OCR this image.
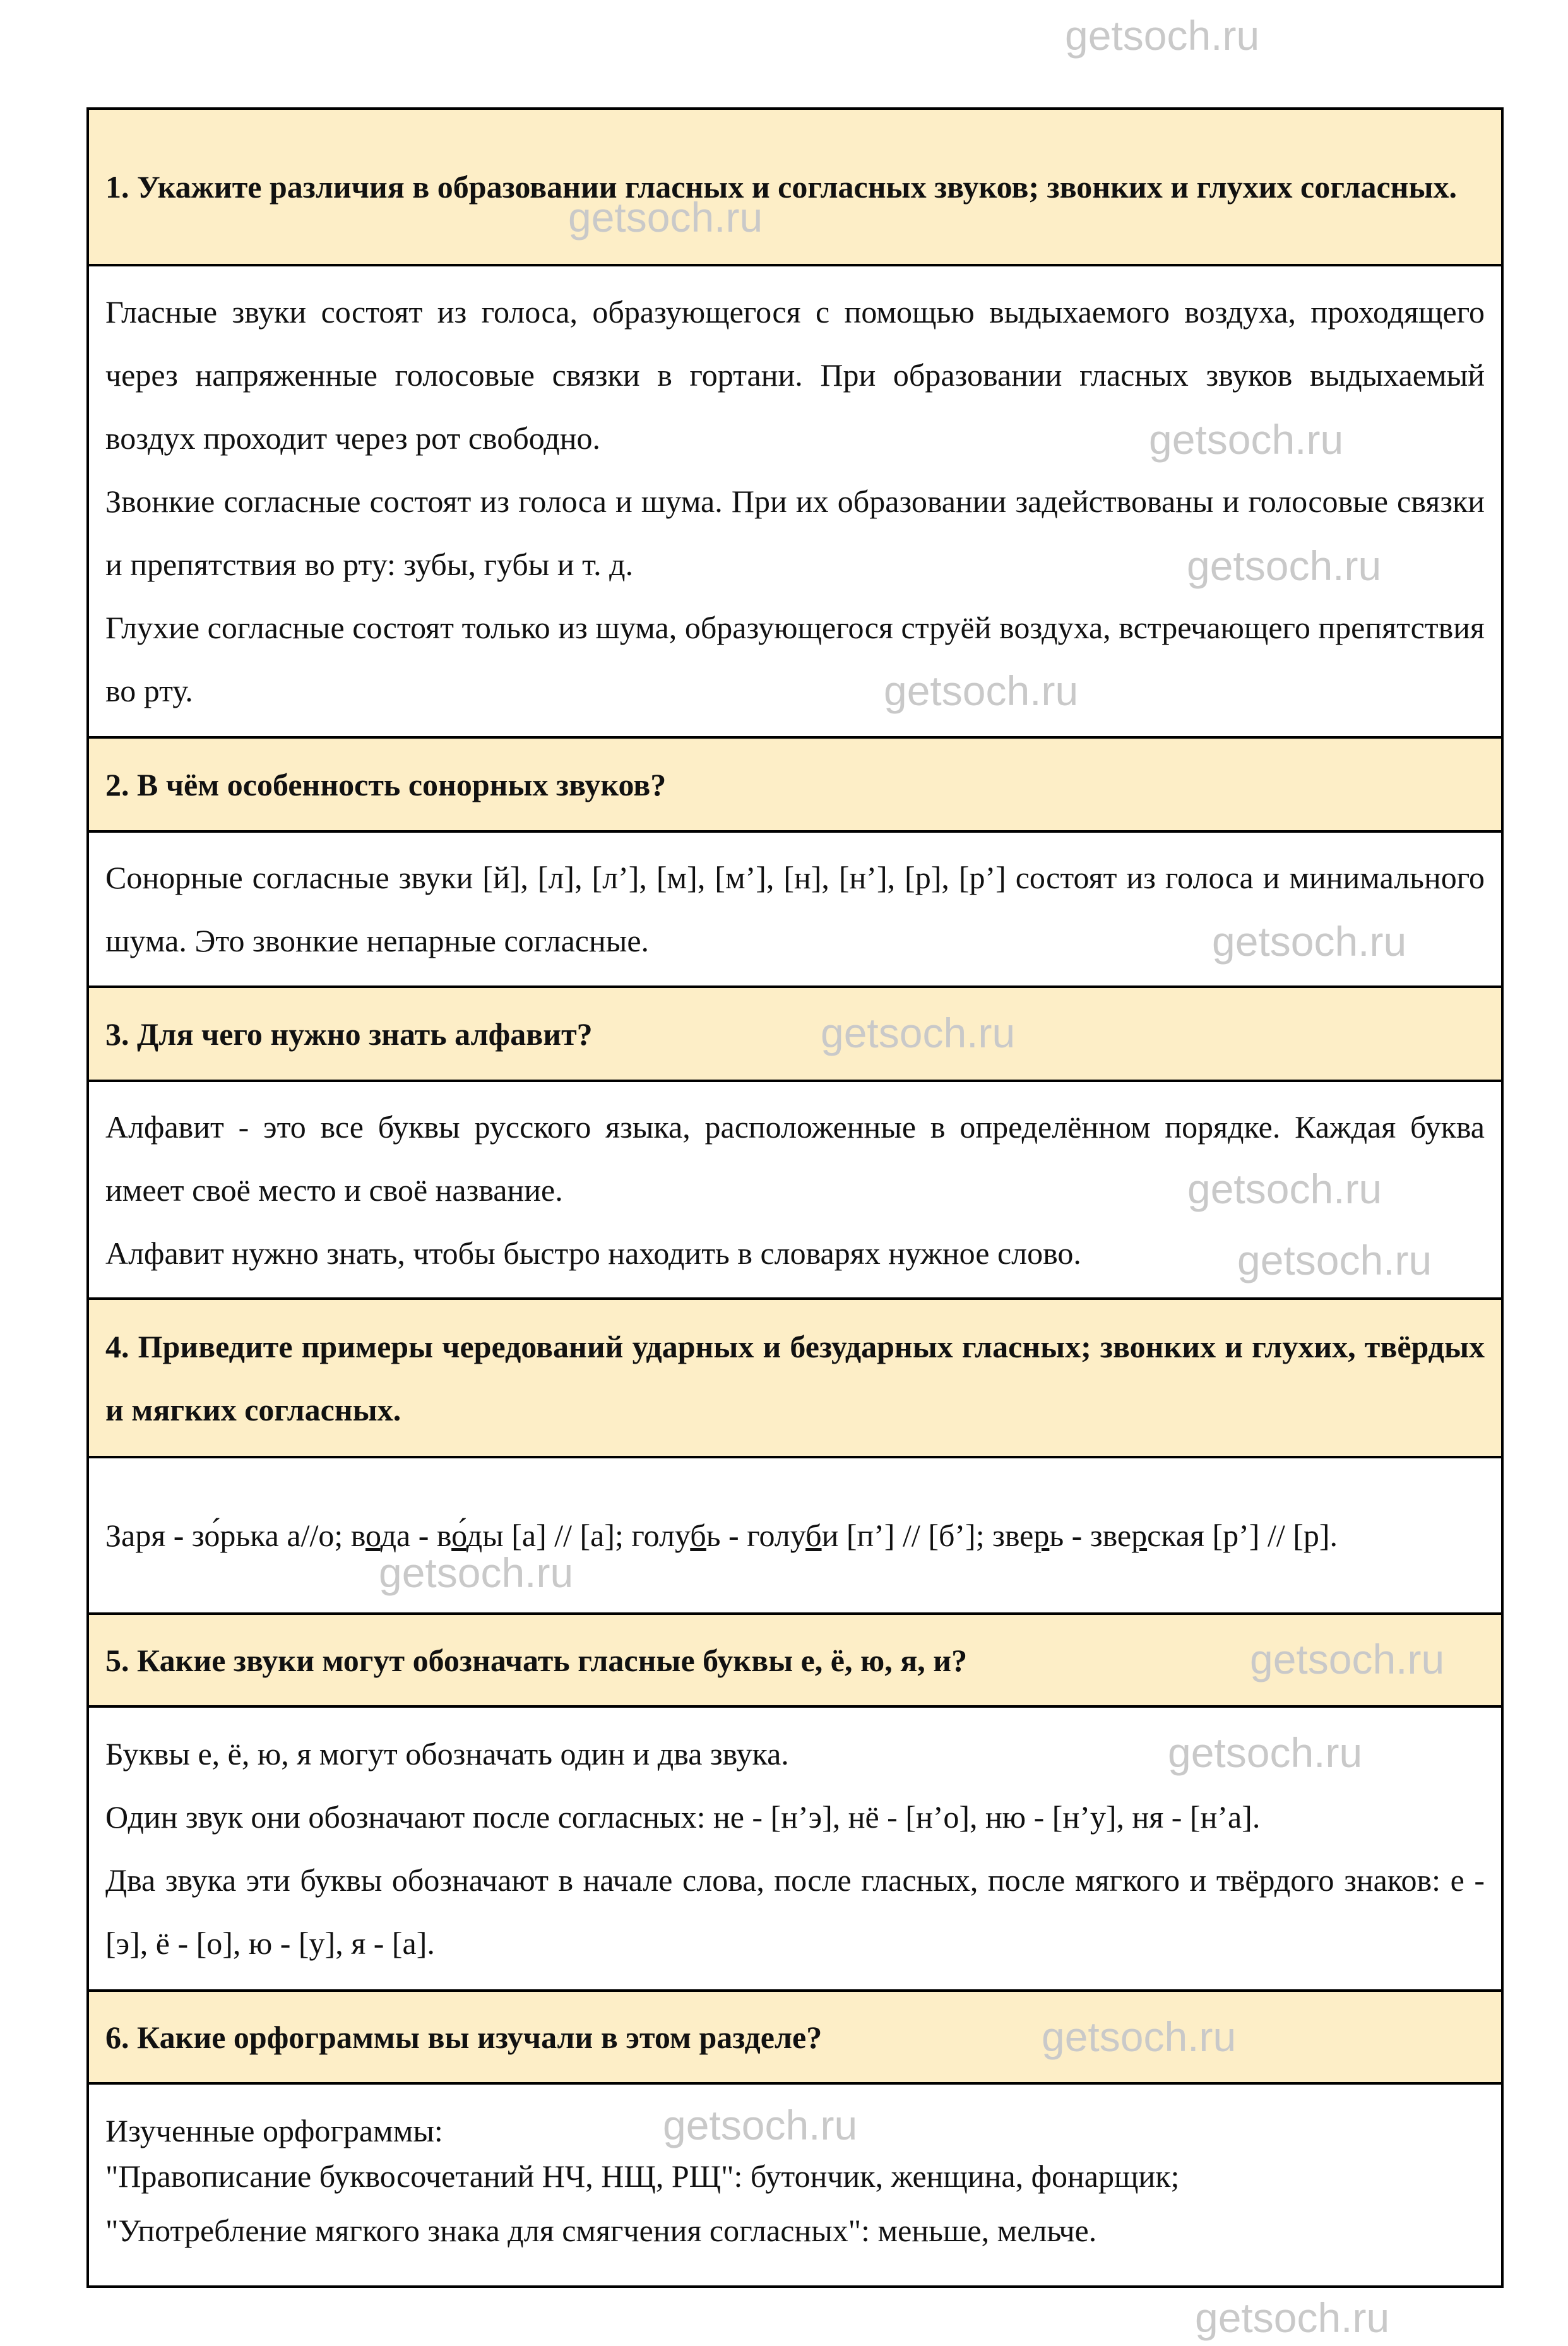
1. Укажите различия в образовании гласных и согласных звуков; звонких и глухих согласных.

Гласные звуки состоят из голоса, образующегося с помощью выдыхаемого воздуха, проходящего через напряженные голосовые связки в гортани. При образовании гласных звуков выдыхаемый воздух проходит через рот свободно.
Звонкие согласные состоят из голоса и шума. При их образовании задействованы и голосовые связки и препятствия во рту: зубы, губы и т. д.
Глухие согласные состоят только из шума, образующегося струёй воздуха, встречающего препятствия во рту.

2. В чём особенность сонорных звуков?

Сонорные согласные звуки [й], [л], [л’], [м], [м’], [н], [н’], [р], [р’] состоят из голоса и минимального шума. Это звонкие непарные согласные.

3. Для чего нужно знать алфавит?

Алфавит - это все буквы русского языка, расположенные в определённом порядке. Каждая буква имеет своё место и своё название.
Алфавит нужно знать, чтобы быстро находить в словарях нужное слово.

4. Приведите примеры чередований ударных и безударных гласных; звонких и глухих, твёрдых и мягких согласных.

Заря - зо́рька а//о; вода - во́ды [а] // [а]; голубь - голуби [п’] // [б’]; зверь - зверская [р’] // [р].

5. Какие звуки могут обозначать гласные буквы е, ё, ю, я, и?

Буквы е, ё, ю, я могут обозначать один и два звука.
Один звук они обозначают после согласных: не - [н’э], нё - [н’о], ню - [н’у], ня - [н’а].
Два звука эти буквы обозначают в начале слова, после гласных, после мягкого и твёрдого знаков: е - [э], ё - [о], ю - [у], я - [а].

6. Какие орфограммы вы изучали в этом разделе?

Изученные орфограммы:
"Правописание буквосочетаний НЧ, НЩ, РЩ": бутончик, женщина, фонарщик;
"Употребление мягкого знака для смягчения согласных": меньше, мельче.
getsoch.ru
getsoch.ru
getsoch.ru
getsoch.ru
getsoch.ru
getsoch.ru
getsoch.ru
getsoch.ru
getsoch.ru
getsoch.ru
getsoch.ru
getsoch.ru
getsoch.ru
getsoch.ru
getsoch.ru
